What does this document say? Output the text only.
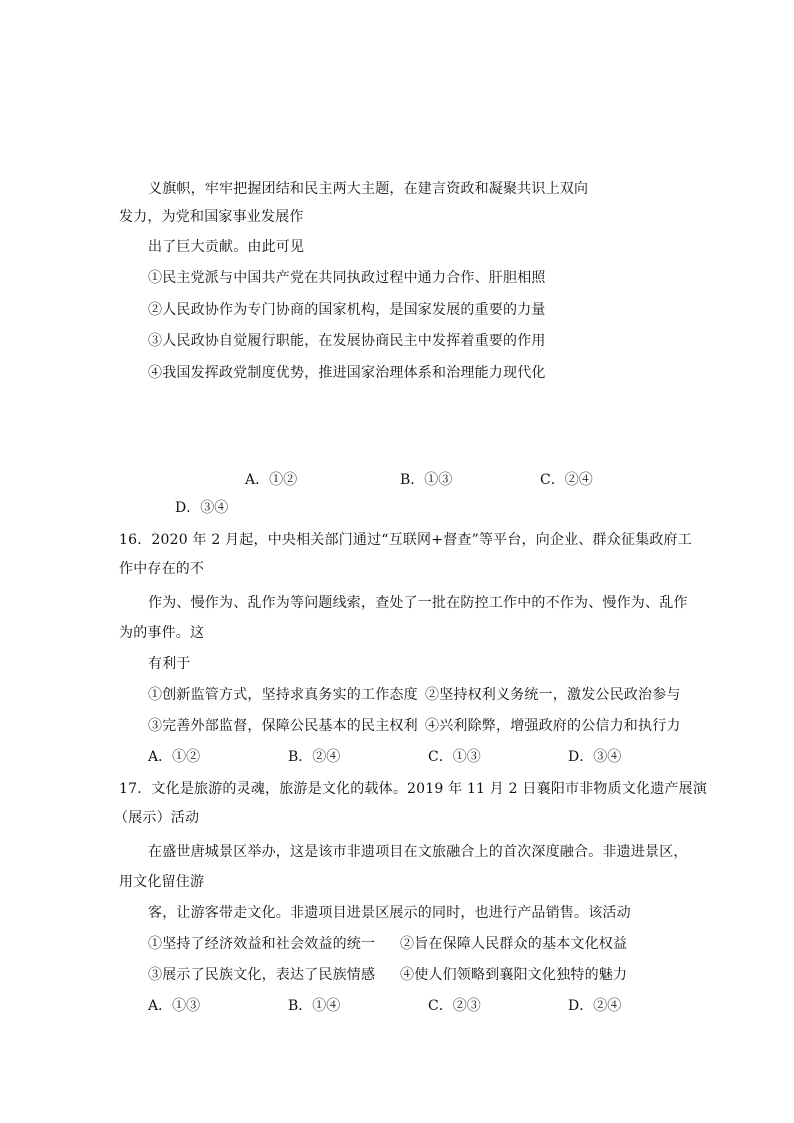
义旗帜，牢牢把握团结和民主两大主题，在建言资政和凝聚共识上双向
发力，为党和国家事业发展作
出了巨大贡献。由此可见
①民主党派与中国共产党在共同执政过程中通力合作、肝胆相照
②人民政协作为专门协商的国家机构，是国家发展的重要的力量
③人民政协自觉履行职能，在发展协商民主中发挥着重要的作用
④我国发挥政党制度优势，推进国家治理体系和治理能力现代化
A．①②	B．①③	C．②④
D．③④
16．2020 年 2 月起，中央相关部门通过“互联网+督查”等平台，向企业、群众征集政府工
作中存在的不
作为、慢作为、乱作为等问题线索，查处了一批在防控工作中的不作为、慢作为、乱作
为的事件。这
有利于
①创新监管方式，坚持求真务实的工作态度 ②坚持权利义务统一，激发公民政治参与
③完善外部监督，保障公民基本的民主权利 ④兴利除弊，增强政府的公信力和执行力
A．①②	B．②④	C．①③	D．③④
17．文化是旅游的灵魂，旅游是文化的载体。2019 年 11 月 2 日襄阳市非物质文化遗产展演
（展示）活动
在盛世唐城景区举办，这是该市非遗项目在文旅融合上的首次深度融合。非遗进景区，
用文化留住游
客，让游客带走文化。非遗项目进景区展示的同时，也进行产品销售。该活动
①坚持了经济效益和社会效益的统一 ②旨在保障人民群众的基本文化权益
③展示了民族文化，表达了民族情感 ④使人们领略到襄阳文化独特的魅力
A．①③	B．①④	C．②③	D．②④
